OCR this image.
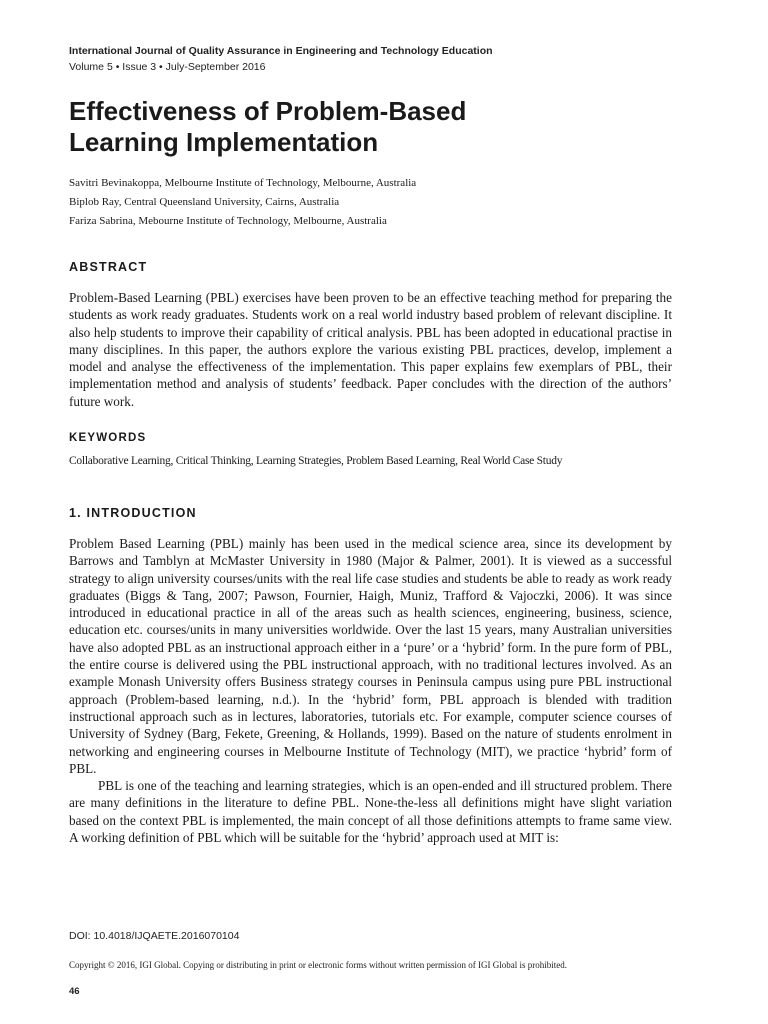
International Journal of Quality Assurance in Engineering and Technology Education
Volume 5 • Issue 3 • July-September 2016
Effectiveness of Problem-Based
Learning Implementation
Savitri Bevinakoppa, Melbourne Institute of Technology, Melbourne, Australia
Biplob Ray, Central Queensland University, Cairns, Australia
Fariza Sabrina, Mebourne Institute of Technology, Melbourne, Australia
ABSTRACT

Problem-Based Learning (PBL) exercises have been proven to be an effective teaching method for preparing the students as work ready graduates. Students work on a real world industry based problem of relevant discipline. It also help students to improve their capability of critical analysis. PBL has been adopted in educational practise in many disciplines. In this paper, the authors explore the various existing PBL practices, develop, implement a model and analyse the effectiveness of the implementation. This paper explains few exemplars of PBL, their implementation method and analysis of students’ feedback. Paper concludes with the direction of the authors’ future work.

KEYWORDS
Collaborative Learning, Critical Thinking, Learning Strategies, Problem Based Learning, Real World Case Study
1. INTRODUCTION

Problem Based Learning (PBL) mainly has been used in the medical science area, since its development by Barrows and Tamblyn at McMaster University in 1980 (Major & Palmer, 2001). It is viewed as a successful strategy to align university courses/units with the real life case studies and students be able to ready as work ready graduates (Biggs & Tang, 2007; Pawson, Fournier, Haigh, Muniz, Trafford & Vajoczki, 2006). It was since introduced in educational practice in all of the areas such as health sciences, engineering, business, science, education etc. courses/units in many universities worldwide. Over the last 15 years, many Australian universities have also adopted PBL as an instructional approach either in a ‘pure’ or a ‘hybrid’ form. In the pure form of PBL, the entire course is delivered using the PBL instructional approach, with no traditional lectures involved. As an example Monash University offers Business strategy courses in Peninsula campus using pure PBL instructional approach (Problem-based learning, n.d.). In the ‘hybrid’ form, PBL approach is blended with tradition instructional approach such as in lectures, laboratories, tutorials etc. For example, computer science courses of University of Sydney (Barg, Fekete, Greening, & Hollands, 1999). Based on the nature of students enrolment in networking and engineering courses in Melbourne Institute of Technology (MIT), we practice ‘hybrid’ form of PBL.

PBL is one of the teaching and learning strategies, which is an open-ended and ill structured problem. There are many definitions in the literature to define PBL. None-the-less all definitions might have slight variation based on the context PBL is implemented, the main concept of all those definitions attempts to frame same view. A working definition of PBL which will be suitable for the ‘hybrid’ approach used at MIT is:

DOI: 10.4018/IJQAETE.2016070104
Copyright © 2016, IGI Global. Copying or distributing in print or electronic forms without written permission of IGI Global is prohibited.
46
